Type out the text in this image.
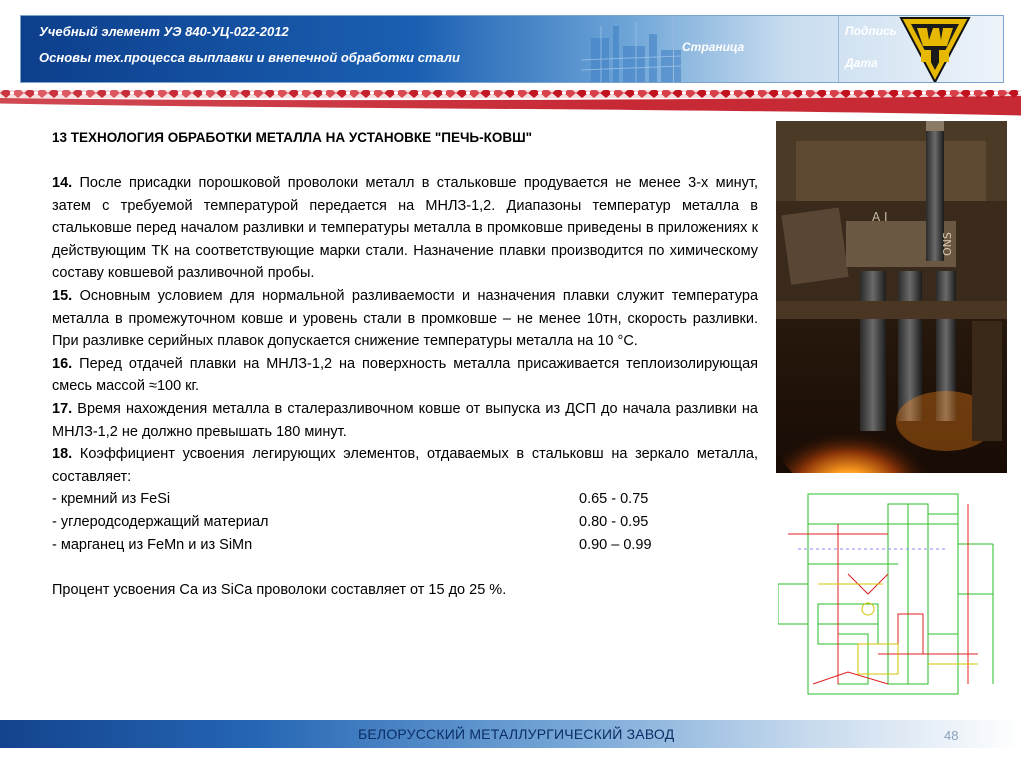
Учебный элемент УЭ 840-УЦ-022-2012
Основы тех.процесса выплавки и внепечной обработки стали
Страница
Подпись
Дата
13 ТЕХНОЛОГИЯ ОБРАБОТКИ МЕТАЛЛА НА УСТАНОВКЕ "ПЕЧЬ-КОВШ"

14. После присадки порошковой проволоки металл в стальковше продувается не менее 3-х минут, затем с требуемой температурой передается на МНЛЗ-1,2. Диапазоны температур металла в стальковше перед началом разливки и температуры металла в промковше приведены в приложениях к действующим ТК на соответствующие марки стали. Назначение плавки производится по химическому составу ковшевой разливочной пробы.

15. Основным условием для нормальной разливаемости и назначения плавки служит температура металла в промежуточном ковше и уровень стали в промковше – не менее 10тн, скорость разливки. При разливке серийных плавок допускается снижение температуры металла на 10 °С.

16. Перед отдачей плавки на МНЛЗ-1,2 на поверхность металла присаживается теплоизолирующая смесь массой ≈100 кг.

17. Время нахождения металла в сталеразливочном ковше от выпуска из ДСП до начала разливки на МНЛЗ-1,2 не должно превышать 180 минут.

18. Коэффициент усвоения легирующих элементов, отдаваемых в стальковш на зеркало металла, составляет:

- кремний из FeSi	0.65 - 0.75
- углеродсодержащий материал	0.80 - 0.95
- марганец из FeMn и из SiMn	0.90 – 0.99

Процент усвоения Са из SiCa проволоки составляет от 15 до 25 %.

А І
ONS
БЕЛОРУССКИЙ МЕТАЛЛУРГИЧЕСКИЙ ЗАВОД	48
